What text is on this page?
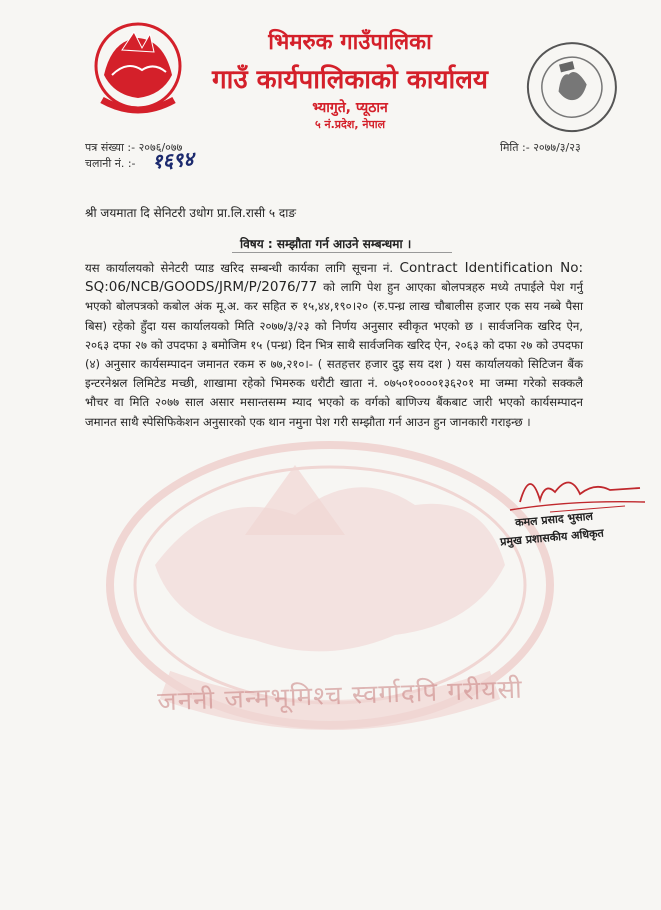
जननी जन्मभूमिश्च स्वर्गादपि गरीयसी
भिमरुक गाउँपालिका
गाउँ कार्यपालिकाको कार्यालय
भ्यागुते, प्यूठान
५ नं.प्रदेश, नेपाल
पत्र संख्या :- २०७६/०७७
चलानी नं. :- १६९४	मिति :- २०७७/३/२३
श्री जयमाता दि सेनिटरी उधोग प्रा.लि.रासी ५ दाङ
विषय : सम्झौता गर्न आउने सम्बन्धमा ।
यस कार्यालयको सेनेटरी प्याड खरिद सम्बन्धी कार्यका लागि सूचना नं. Contract Identification No: SQ:06/NCB/GOODS/JRM/P/2076/77 को लागि पेश हुन आएका बोलपत्रहरु मध्ये तपाईले पेश गर्नु भएको बोलपत्रको कबोल अंक मू.अ. कर सहित रु १५,४४,१९०।२० (रु.पन्ध्र लाख चौबालीस हजार एक सय नब्बे पैसा बिस) रहेको हुँदा यस कार्यालयको मिति २०७७/३/२३ को निर्णय अनुसार स्वीकृत भएको छ । सार्वजनिक खरिद ऐन, २०६३ दफा २७ को उपदफा ३ बमोजिम १५ (पन्ध्र) दिन भित्र साथै सार्वजनिक खरिद ऐन, २०६३ को दफा २७ को उपदफा (४) अनुसार कार्यसम्पादन जमानत रकम रु ७७,२१०।- ( सतहत्तर हजार दुइ सय दश ) यस कार्यालयको सिटिजन बैंक इन्टरनेश्नल लिमिटेड मच्छी, शाखामा रहेको भिमरुक धरौटी खाता नं. ०७५०१००००१३६२०१ मा जम्मा गरेको सक्कलै भौचर वा मिति २०७७ साल असार मसान्तसम्म म्याद भएको क वर्गको बाणिज्य बैंकबाट जारी भएको कार्यसम्पादन जमानत साथै स्पेसिफिकेशन अनुसारको एक थान नमुना पेश गरी सम्झौता गर्न आउन हुन जानकारी गराइन्छ ।
कमल प्रसाद भुसाल
प्रमुख प्रशासकीय अधिकृत
